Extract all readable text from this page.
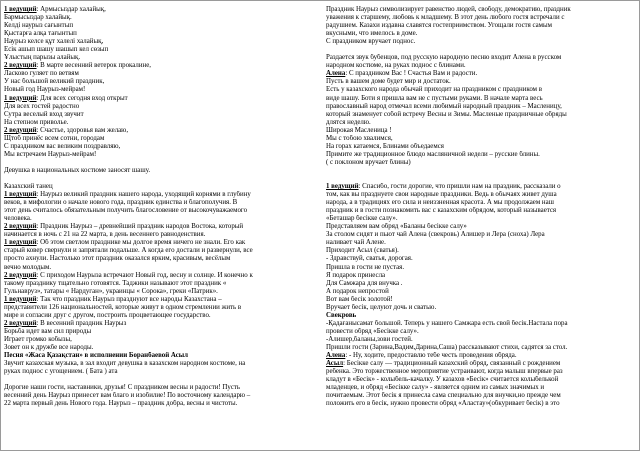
1 ведущий: Армысыздар халайық,
Бармысыздар халайық.
Келді наурыз сағынтып
Қыстарға алқа тағынтып
Наурыз келсе құт халелі халайық,
Есік ашып шашу шашып кел сөзып
Ұлыстың парызы алайық.
2 ведущий: В марте весенний ветерок прокалине,
Ласково гуляет по ветвям
У нас большой великий праздник,
Новый год Наурыз-мейрам!
1 ведущий: Для всех сегодня вход открыт
Для всех гостей радостно
Сутра веселый вход звучит
На степном привольe.
2 ведущий: Счастье, здоровья вам желаю,
Щтоб принёс всем сотни, городам
С праздником вас великим поздравляю,
Мы встречаем Наурыз-мейрам!
Девушка в национальных костюме заносят шашу.
Казахский танец
1 ведущий: Наурыз великий праздник нашего народа, уходящий корнями в глубину
веков, в мифологии о начале нового года, праздник единства и благополучия. В
этот день считалось обязательным получить благословение от высокочуважаемого
человека.
2 ведущий: Праздник Наурыз – древнейший праздник народов Востока, который
начинается в ночь с 21 на 22 марта, в день весеннего равноденствия.
1 ведущий: Об этом светлом празднике мы долгое время ничего не знали. Его как
старый ковер свернули и запрятали подальше. А когда его достали и развернули, все
просто ахнули. Настолько этот праздник оказался ярким, красивым, весёлым
вечно молодым.
2 ведущий: С приходом Наурыза встречают Новый год, весну и солнце. И конечно к
такому празднику тщательно готовятся. Таджики называют этот праздник «
Гульнавруз», татары « Нардуган», украинцы « Сорока», греки «Патрик».
1 ведущий: Так что праздник Наурыз празднуют все народы Казахстана –
представители 126 национальностей, которые живут в одном стремлении жить в
мире и согласии друг с другом, построить процветающее государство.
2 ведущий: В весенний праздник Наурыз
Борьба идет вам сил природы
Играет громко кобызы,
Зовет он к дружбе все народы.
Песня «Жаса Қазақстан» в исполнении Боранбаевой Асыл
Звучит казахская музыка, в зал входит девушка в казахском народном костюме, на
руках поднос с угощением. ( Бата ) ата
Дорогие наши гости, наставники, друзья! С праздником весны и радости! Пусть
весенний день Наурыз принесет вам благо и изобилие! По восточному календарю –
22 марта первый день Нового года. Наурыз – праздник добра, весны и чистоты.
Праздник Наурыз символизирует равенство людей, свободу, демократию, праздник
уважения к старшему, любовь к младшему. В этот день любого гостя встречали с
радушием. Казахи издавна славятся гостеприимством. Угощали гостя самым
вкусными, что имелось в доме.
С праздником вручает поднос.
Раздается звук бубенцов, под русскую народную песню входит Алена в русском
народном костюме, на руках поднос с блинами.
Алена: С праздником Вас ! Счастья Вам и радости.
Пусть в вашем доме будет мир и достаток.
Есть у казахского народа обычай приходит на праздником с праздником в
виде шашу. Боти я пришла вам не с пустыми руками. В начале марта весь
православный народ отмечал всеми любимый народный праздник – Масленицу,
который знаменует собой встречу Весны и Зимы. Масленые праздничные обряды
длятся неделю.
Широкая Масленица !
Мы с тобою хвалимся,
На горах катаемся, Блинами объедаемся
Примите же традиционное блюдо масляничной недели – русские блины.
( с поклоном вручает блины)
1 ведущий: Спасибо, гости дорогие, что пришли нам на праздник, рассказали о
том, как вы празднуете свои народные праздники. Ведь в обычаях живет душа
народа, а в традициях его сила и неиззненная красота. А мы продолжаем наш
праздник и в гости познакомить вас с казахским обрядом, который называется
«Беташар бесікке салу».
Представляем вам обряд «Баланы бесікке салу»
За столом сидят и пьют чай Алена (свекровь) Алишер и Лера (сноха) Лера
наливает чай Алене.
Приходит Асыл (сватья).
- Здравствуй, сватья, дорогая.
Пришла в гости не пустая.
Я подарок принесла
Для Самжара для внучка .
А подарок непростой
Вот вам бесік золотой!
Вручает бесік, целуют дочь и сватью.
Свекровь
-Қадағанысамат большой. Теперь у нашего Самжара есть свой бесік.Настала пора
провести обряд «Бесікке салу».
-Алишер,баланы,зови гостей.
Пришли гости (Заринa,Вадим,Дарина,Саша) рассказывают стихи, садятся за стол.
Алена: - Ну, ходите, предоставлю тебе честь проведения обряда.
Асыл: Бесікке салу — традиционный казахский обряд, связанный с рождением
ребенка. Это торжественное мероприятие устраивают, когда малыш впервые раз
кладут в «Бесік» - колыбель-качалку. У казахов «Бесік» считается колыбелькой
младенцев, и обряд «Бесікке салу» - является одним из самых значимых и
почитаемым. Этот бесік я принесла сама специально для внучки,но прежде чем
положить его в бесік, нужно провести обряд «Аластау»(обкуривает бесік) в это
